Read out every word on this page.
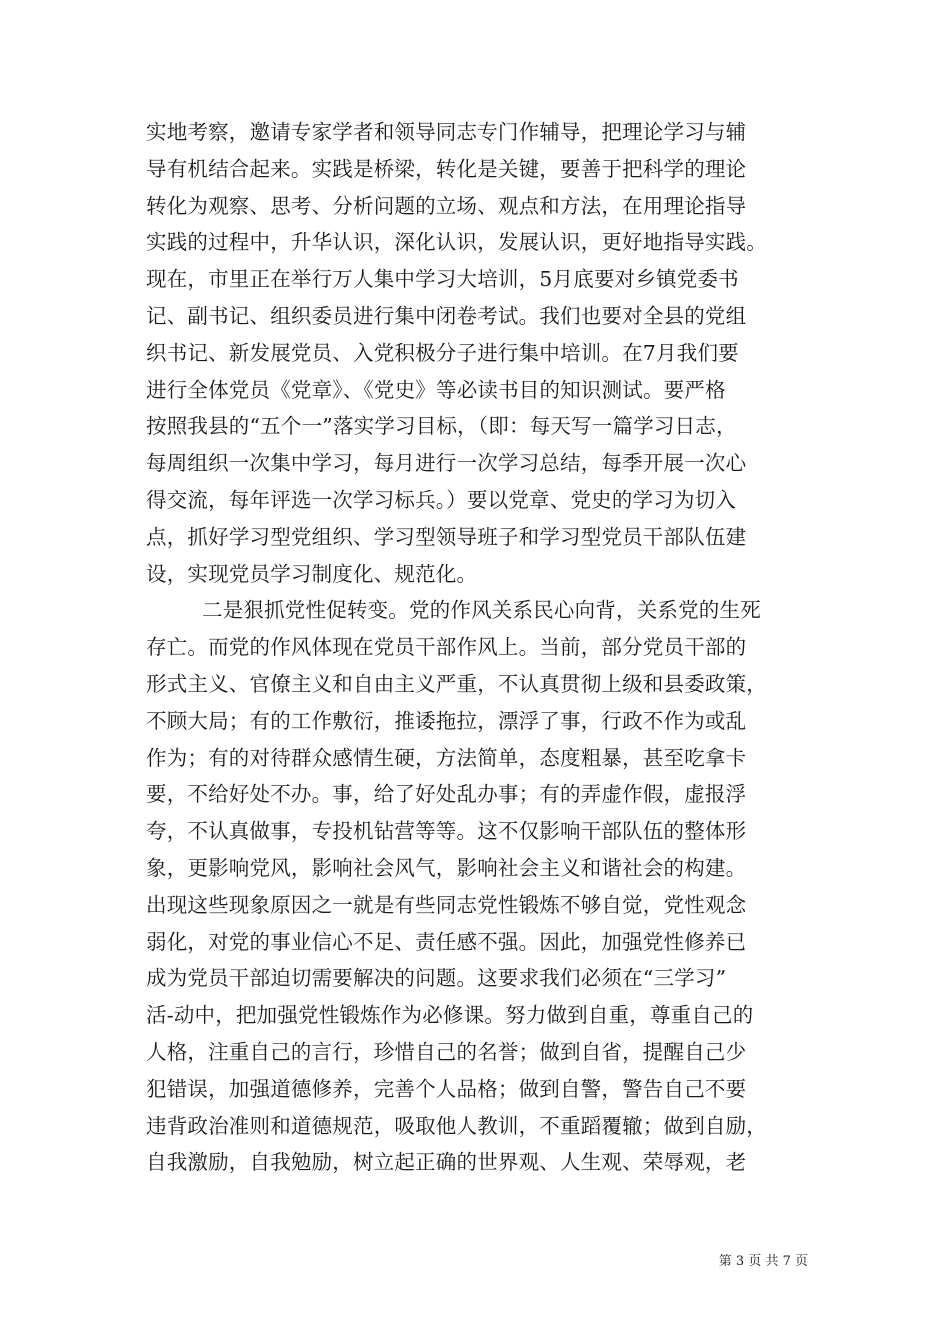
实地考察，邀请专家学者和领导同志专门作辅导，把理论学习与辅
导有机结合起来。实践是桥梁，转化是关键，要善于把科学的理论
转化为观察、思考、分析问题的立场、观点和方法，在用理论指导
实践的过程中，升华认识，深化认识，发展认识，更好地指导实践。
现在，市里正在举行万人集中学习大培训，5月底要对乡镇党委书
记、副书记、组织委员进行集中闭卷考试。我们也要对全县的党组
织书记、新发展党员、入党积极分子进行集中培训。在7月我们要
进行全体党员《党章》、《党史》等必读书目的知识测试。要严格
按照我县的“五个一”落实学习目标，（即：每天写一篇学习日志，
每周组织一次集中学习，每月进行一次学习总结，每季开展一次心
得交流，每年评选一次学习标兵。）要以党章、党史的学习为切入
点，抓好学习型党组织、学习型领导班子和学习型党员干部队伍建
设，实现党员学习制度化、规范化。
二是狠抓党性促转变。党的作风关系民心向背，关系党的生死
存亡。而党的作风体现在党员干部作风上。当前，部分党员干部的
形式主义、官僚主义和自由主义严重，不认真贯彻上级和县委政策，
不顾大局；有的工作敷衍，推诿拖拉，漂浮了事，行政不作为或乱
作为；有的对待群众感情生硬，方法简单，态度粗暴，甚至吃拿卡
要，不给好处不办。事，给了好处乱办事；有的弄虚作假，虚报浮
夸，不认真做事，专投机钻营等等。这不仅影响干部队伍的整体形
象，更影响党风，影响社会风气，影响社会主义和谐社会的构建。
出现这些现象原因之一就是有些同志党性锻炼不够自觉，党性观念
弱化，对党的事业信心不足、责任感不强。因此，加强党性修养已
成为党员干部迫切需要解决的问题。这要求我们必须在“三学习”
活-动中，把加强党性锻炼作为必修课。努力做到自重，尊重自己的
人格，注重自己的言行，珍惜自己的名誉；做到自省，提醒自己少
犯错误，加强道德修养，完善个人品格；做到自警，警告自己不要
违背政治准则和道德规范，吸取他人教训，不重蹈覆辙；做到自励，
自我激励，自我勉励，树立起正确的世界观、人生观、荣辱观，老
第 3 页 共 7 页
